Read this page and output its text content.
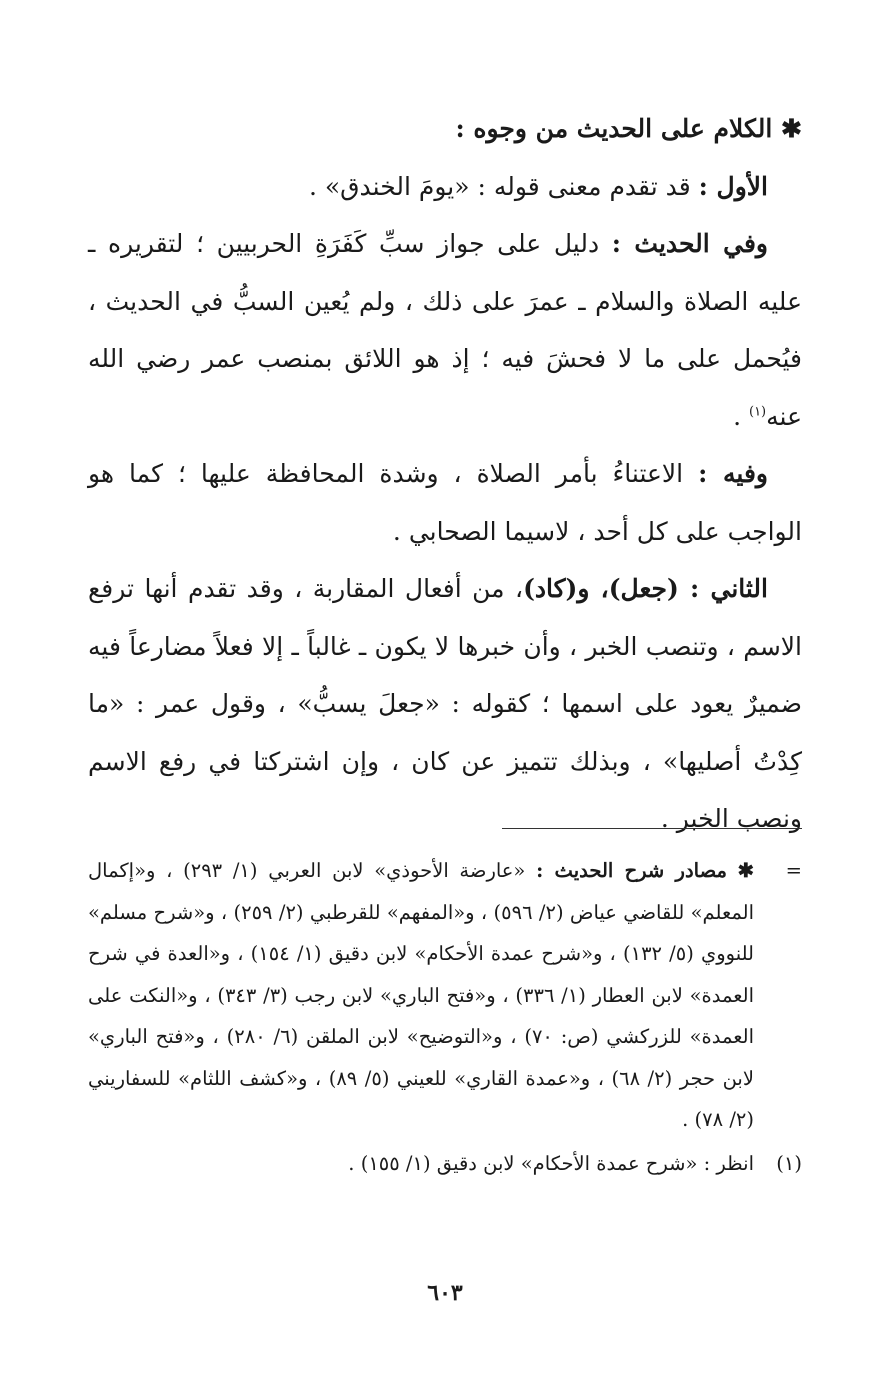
✱ الكلام على الحديث من وجوه :

الأول : قد تقدم معنى قوله : «يومَ الخندق» .

وفي الحديث : دليل على جواز سبِّ كَفَرَةِ الحربيين ؛ لتقريره ـ عليه الصلاة والسلام ـ عمرَ على ذلك ، ولم يُعين السبُّ في الحديث ، فيُحمل على ما لا فحشَ فيه ؛ إذ هو اللائق بمنصب عمر رضي الله عنه$^{(١)}$ .

وفيه : الاعتناءُ بأمر الصلاة ، وشدة المحافظة عليها ؛ كما هو الواجب على كل أحد ، لاسيما الصحابي .

الثاني : (جعل)، و(كاد)، من أفعال المقاربة ، وقد تقدم أنها ترفع الاسم ، وتنصب الخبر ، وأن خبرها لا يكون ـ غالباً ـ إلا فعلاً مضارعاً فيه ضميرٌ يعود على اسمها ؛ كقوله : «جعلَ يسبُّ» ، وقول عمر : «ما كِدْتُ أصليها» ، وبذلك تتميز عن كان ، وإن اشتركتا في رفع الاسم ونصب الخبر .

=
✱ مصادر شرح الحديث : «عارضة الأحوذي» لابن العربي (١/ ٢٩٣) ، و«إكمال المعلم» للقاضي عياض (٢/ ٥٩٦) ، و«المفهم» للقرطبي (٢/ ٢٥٩) ، و«شرح مسلم» للنووي (٥/ ١٣٢) ، و«شرح عمدة الأحكام» لابن دقيق (١/ ١٥٤) ، و«العدة في شرح العمدة» لابن العطار (١/ ٣٣٦) ، و«فتح الباري» لابن رجب (٣/ ٣٤٣) ، و«النكت على العمدة» للزركشي (ص: ٧٠) ، و«التوضيح» لابن الملقن (٦/ ٢٨٠) ، و«فتح الباري» لابن حجر (٢/ ٦٨) ، و«عمدة القاري» للعيني (٥/ ٨٩) ، و«كشف اللثام» للسفاريني (٢/ ٧٨) .
(١)
انظر : «شرح عمدة الأحكام» لابن دقيق (١/ ١٥٥) .
٦٠٣
